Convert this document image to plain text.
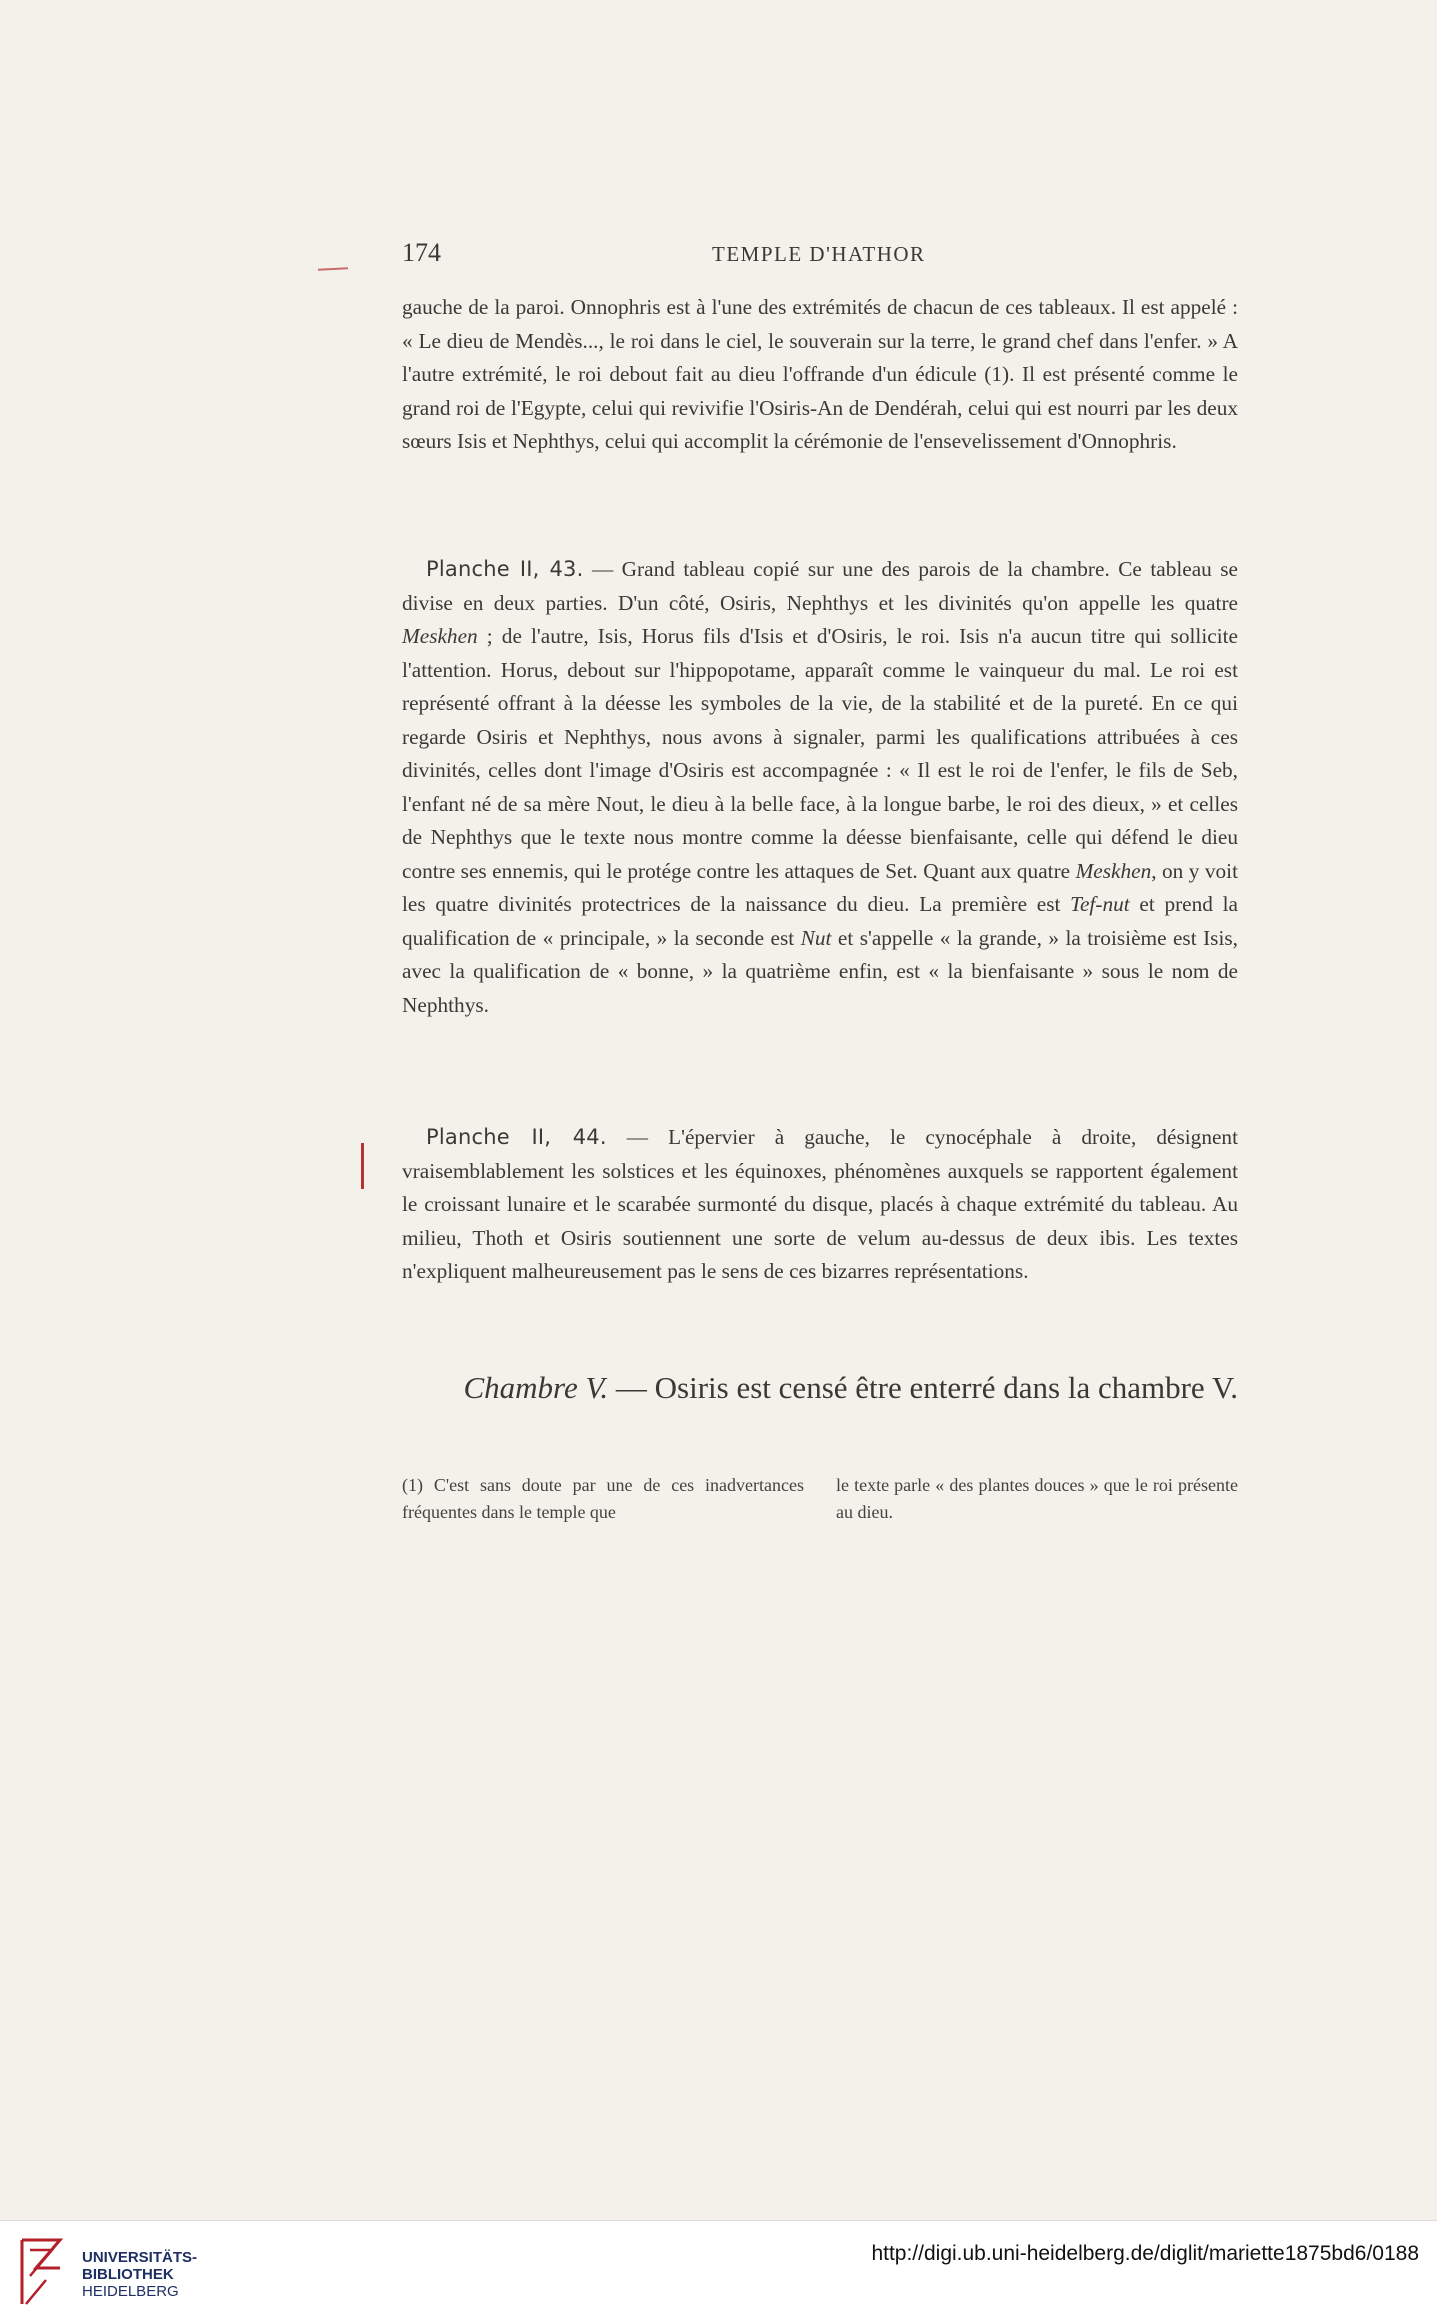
174	TEMPLE D'HATHOR

gauche de la paroi. Onnophris est à l'une des extrémités de chacun de ces tableaux. Il est appelé : « Le dieu de Mendès..., le roi dans le ciel, le souverain sur la terre, le grand chef dans l'enfer. » A l'autre extrémité, le roi debout fait au dieu l'offrande d'un édicule (1). Il est présenté comme le grand roi de l'Egypte, celui qui revivifie l'Osiris-An de Dendérah, celui qui est nourri par les deux sœurs Isis et Nephthys, celui qui accomplit la cérémonie de l'ensevelissement d'Onnophris.

Planche II, 43. — Grand tableau copié sur une des parois de la chambre. Ce tableau se divise en deux parties. D'un côté, Osiris, Nephthys et les divinités qu'on appelle les quatre Meskhen ; de l'autre, Isis, Horus fils d'Isis et d'Osiris, le roi. Isis n'a aucun titre qui sollicite l'attention. Horus, debout sur l'hippopotame, apparaît comme le vainqueur du mal. Le roi est représenté offrant à la déesse les symboles de la vie, de la stabilité et de la pureté. En ce qui regarde Osiris et Nephthys, nous avons à signaler, parmi les qualifications attribuées à ces divinités, celles dont l'image d'Osiris est accompagnée : « Il est le roi de l'enfer, le fils de Seb, l'enfant né de sa mère Nout, le dieu à la belle face, à la longue barbe, le roi des dieux, » et celles de Nephthys que le texte nous montre comme la déesse bienfaisante, celle qui défend le dieu contre ses ennemis, qui le protége contre les attaques de Set. Quant aux quatre Meskhen, on y voit les quatre divinités protectrices de la naissance du dieu. La première est Tef-nut et prend la qualification de « principale, » la seconde est Nut et s'appelle « la grande, » la troisième est Isis, avec la qualification de « bonne, » la quatrième enfin, est « la bienfaisante » sous le nom de Nephthys.

Planche II, 44. — L'épervier à gauche, le cynocéphale à droite, désignent vraisemblablement les solstices et les équinoxes, phénomènes auxquels se rapportent également le croissant lunaire et le scarabée surmonté du disque, placés à chaque extrémité du tableau. Au milieu, Thoth et Osiris soutiennent une sorte de velum au-dessus de deux ibis. Les textes n'expliquent malheureusement pas le sens de ces bizarres représentations.

Chambre V. — Osiris est censé être enterré dans la chambre V.
(1) C'est sans doute par une de ces inadvertances fréquentes dans le temple que
le texte parle « des plantes douces » que le roi présente au dieu.
UNIVERSITÄTS-
BIBLIOTHEK
HEIDELBERG
http://digi.ub.uni-heidelberg.de/diglit/mariette1875bd6/0188
